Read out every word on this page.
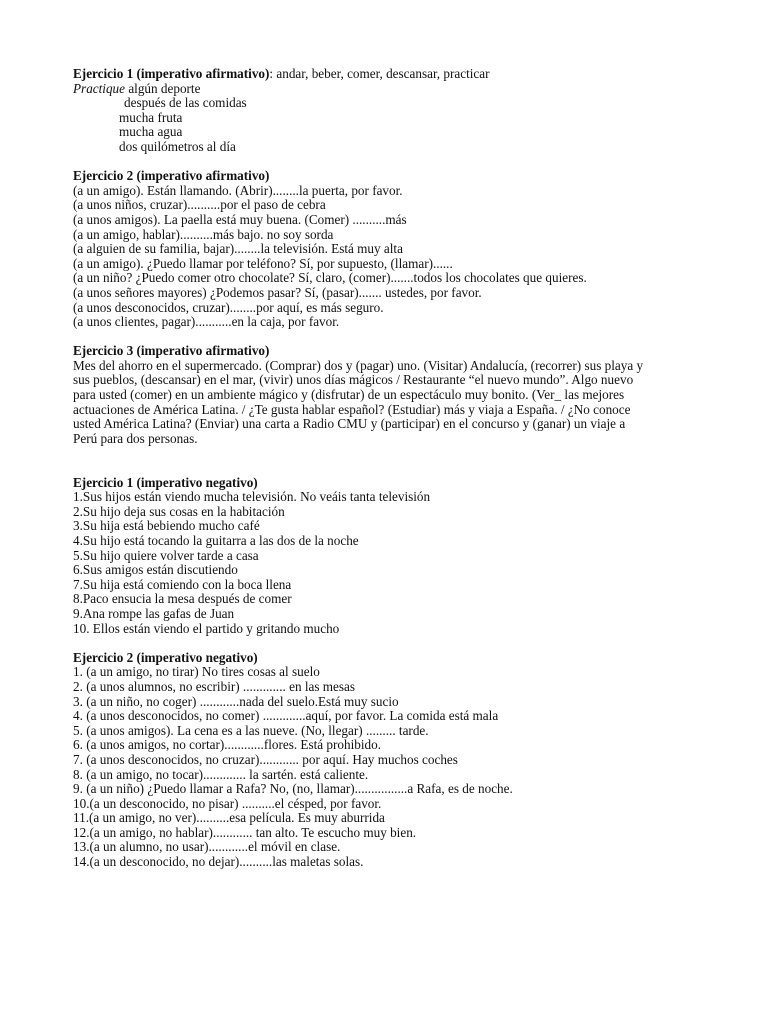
Ejercicio 1 (imperativo afirmativo): andar, beber, comer, descansar, practicar
Practique algún deporte
después de las comidas
mucha fruta
mucha agua
dos quilómetros al día
Ejercicio 2 (imperativo afirmativo)
(a un amigo). Están llamando. (Abrir)........la puerta, por favor.
(a unos niños, cruzar)..........por el paso de cebra
(a unos amigos). La paella está muy buena. (Comer) ..........más
(a un amigo, hablar)..........más bajo. no soy sorda
(a alguien de su familia, bajar)........la televisión. Está muy alta
(a un amigo). ¿Puedo llamar por teléfono? Sí, por supuesto, (llamar)......
(a un niño? ¿Puedo comer otro chocolate? Sí, claro, (comer).......todos los chocolates que quieres.
(a unos señores mayores) ¿Podemos pasar? Sí, (pasar)....... ustedes, por favor.
(a unos desconocidos, cruzar)........por aquí, es más seguro.
(a unos clientes, pagar)...........en la caja, por favor.
Ejercicio 3 (imperativo afirmativo)
Mes del ahorro en el supermercado. (Comprar) dos y (pagar) uno. (Visitar) Andalucía, (recorrer) sus playa y
sus pueblos, (descansar) en el mar, (vivir) unos días mágicos / Restaurante “el nuevo mundo”. Algo nuevo
para usted (comer) en un ambiente mágico y (disfrutar) de un espectáculo muy bonito. (Ver_ las mejores
actuaciones de América Latina. / ¿Te gusta hablar español? (Estudiar) más y viaja a España. / ¿No conoce
usted América Latina? (Enviar) una carta a Radio CMU y (participar) en el concurso y (ganar) un viaje a
Perú para dos personas.
Ejercicio 1 (imperativo negativo)
1.Sus hijos están viendo mucha televisión. No veáis tanta televisión
2.Su hijo deja sus cosas en la habitación
3.Su hija está bebiendo mucho café
4.Su hijo está tocando la guitarra a las dos de la noche
5.Su hijo quiere volver tarde a casa
6.Sus amigos están discutiendo
7.Su hija está comiendo con la boca llena
8.Paco ensucia la mesa después de comer
9.Ana rompe las gafas de Juan
10. Ellos están viendo el partido y gritando mucho
Ejercicio 2 (imperativo negativo)
1. (a un amigo, no tirar) No tires cosas al suelo
2. (a unos alumnos, no escribir) ............. en las mesas
3. (a un niño, no coger) ............nada del suelo.Está muy sucio
4. (a unos desconocidos, no comer) .............aquí, por favor. La comida está mala
5. (a unos amigos). La cena es a las nueve. (No, llegar) ......... tarde.
6. (a unos amigos, no cortar)............flores. Está prohibido.
7. (a unos desconocidos, no cruzar)............ por aquí. Hay muchos coches
8. (a un amigo, no tocar)............. la sartén. está caliente.
9. (a un niño) ¿Puedo llamar a Rafa? No, (no, llamar)................a Rafa, es de noche.
10.(a un desconocido, no pisar) ..........el césped, por favor.
11.(a un amigo, no ver)..........esa película. Es muy aburrida
12.(a un amigo, no hablar)............ tan alto. Te escucho muy bien.
13.(a un alumno, no usar)............el móvil en clase.
14.(a un desconocido, no dejar)..........las maletas solas.
